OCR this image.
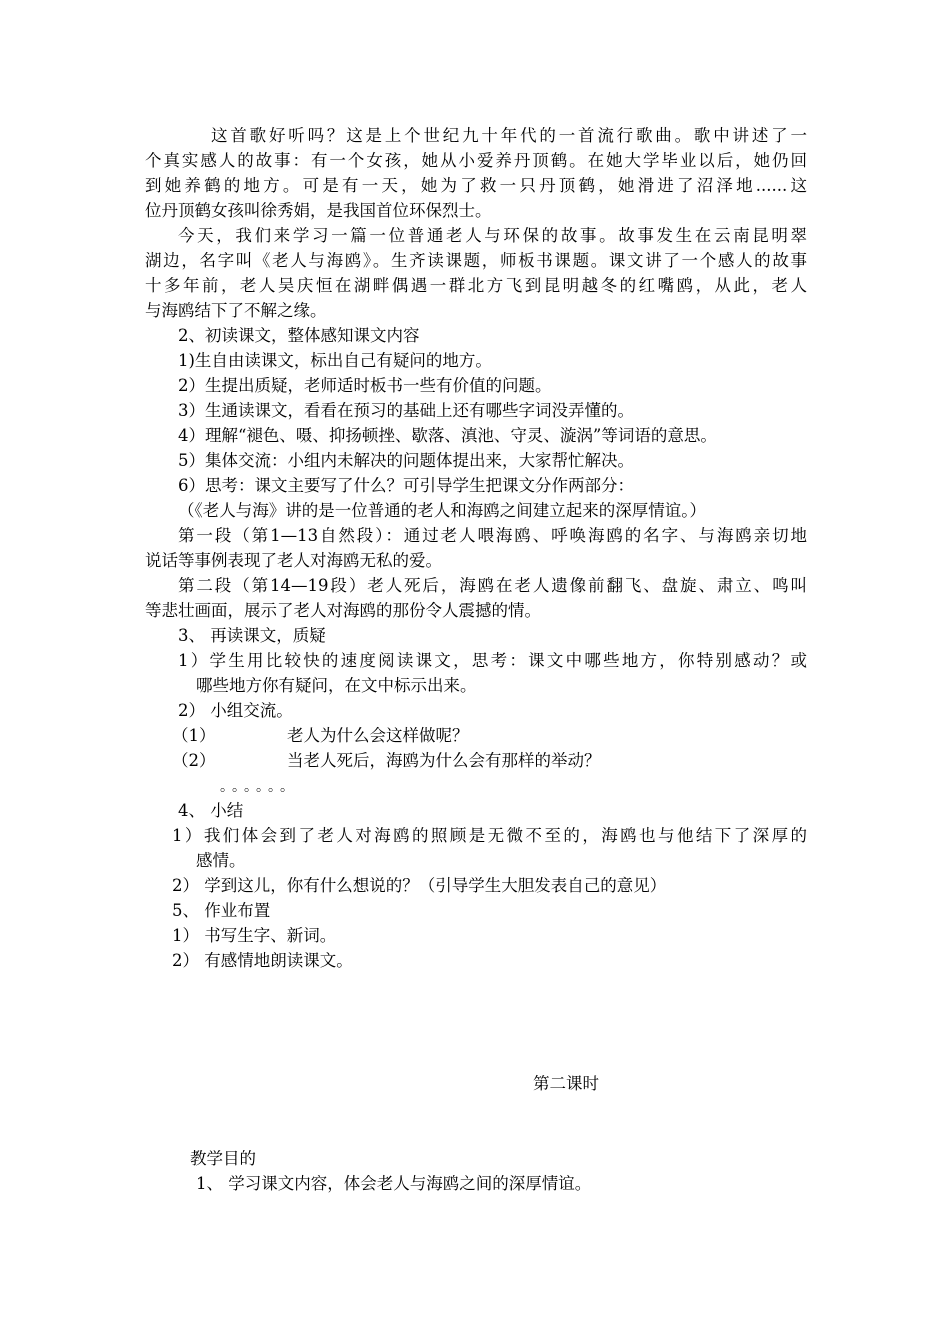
这首歌好听吗？这是上个世纪九十年代的一首流行歌曲。歌中讲述了一
个真实感人的故事：有一个女孩，她从小爱养丹顶鹤。在她大学毕业以后，她仍回
到她养鹤的地方。可是有一天，她为了救一只丹顶鹤，她滑进了沼泽地......这
位丹顶鹤女孩叫徐秀娟，是我国首位环保烈士。
今天，我们来学习一篇一位普通老人与环保的故事。故事发生在云南昆明翠
湖边，名字叫《老人与海鸥》。生齐读课题，师板书课题。课文讲了一个感人的故事
十多年前，老人吴庆恒在湖畔偶遇一群北方飞到昆明越冬的红嘴鸥，从此，老人
与海鸥结下了不解之缘。
2、初读课文，整体感知课文内容
1)生自由读课文，标出自己有疑问的地方。
2）生提出质疑，老师适时板书一些有价值的问题。
3）生通读课文，看看在预习的基础上还有哪些字词没弄懂的。
4）理解“褪色、嗫、抑扬顿挫、歇落、滇池、守灵、漩涡”等词语的意思。
5）集体交流：小组内未解决的问题体提出来，大家帮忙解决。
6）思考：课文主要写了什么？可引导学生把课文分作两部分：
（《老人与海》讲的是一位普通的老人和海鸥之间建立起来的深厚情谊。）
第一段（第1—13自然段）：通过老人喂海鸥、呼唤海鸥的名字、与海鸥亲切地
说话等事例表现了老人对海鸥无私的爱。
第二段（第14—19段）老人死后，海鸥在老人遗像前翻飞、盘旋、肃立、鸣叫
等悲壮画面，展示了老人对海鸥的那份令人震撼的情。
3、 再读课文，质疑
1）学生用比较快的速度阅读课文，思考：课文中哪些地方，你特别感动？或
哪些地方你有疑问，在文中标示出来。
2） 小组交流。
（1）	老人为什么会这样做呢？
（2）	当老人死后，海鸥为什么会有那样的举动？
。。。。。。
4、 小结
1）我们体会到了老人对海鸥的照顾是无微不至的，海鸥也与他结下了深厚的
感情。
2） 学到这儿，你有什么想说的？（引导学生大胆发表自己的意见）
5、 作业布置
1） 书写生字、新词。
2） 有感情地朗读课文。
第二课时
教学目的
1、 学习课文内容，体会老人与海鸥之间的深厚情谊。
